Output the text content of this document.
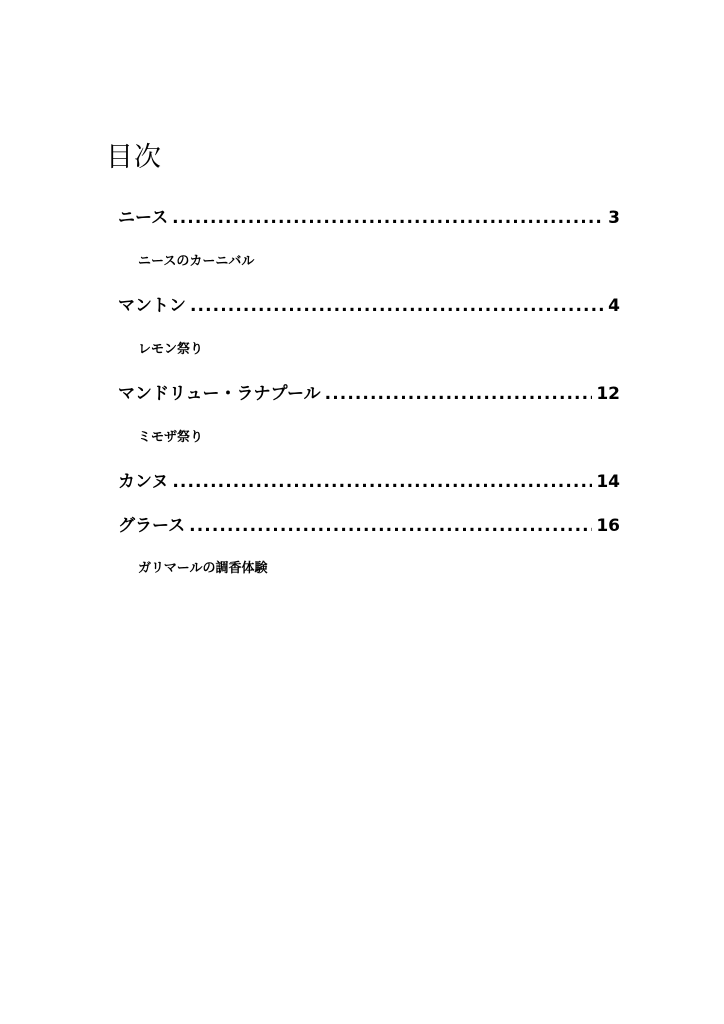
目次
ニース .....	3
ニースのカーニバル
マントン .....	4
レモン祭り
マンドリュー・ラナプール .....	12
ミモザ祭り
カンヌ .....	14
グラース .....	16
ガリマールの調香体験
